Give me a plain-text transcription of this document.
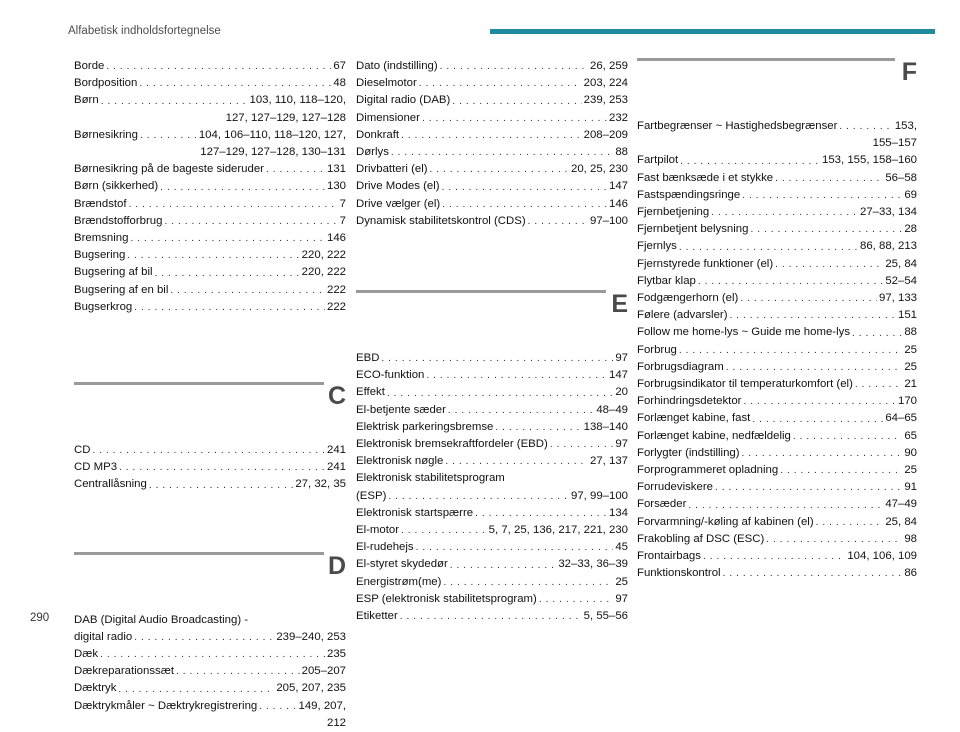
Alfabetisk indholdsfortegnelse
Borde . . .	67
Bordposition . . .	48
Børn . . .	103, 110, 118–120,
127, 127–129, 127–128
Børnesikring . . .	104, 106–110, 118–120, 127,
127–129, 127–128, 130–131
Børnesikring på de bageste sideruder . . .	131
Børn (sikkerhed) . . .	130
Brændstof . . .	7
Brændstofforbrug . . .	7
Bremsning . . .	146
Bugsering . . .	220, 222
Bugsering af bil . . .	220, 222
Bugsering af en bil . . .	222
Bugserkrog . . .	222
C
CD . . .	241
CD MP3 . . .	241
Centrallåsning . . .	27, 32, 35
D
DAB (Digital Audio Broadcasting) -
digital radio . . .	239–240, 253
Dæk . . .	235
Dækreparationssæt . . .	205–207
Dæktryk . . .	205, 207, 235
Dæktrykmåler ~ Dæktrykregistrering . . .	149, 207,
212
Dato (indstilling) . . .	26, 259
Dieselmotor . . .	203, 224
Digital radio (DAB) . . .	239, 253
Dimensioner . . .	232
Donkraft . . .	208–209
Dørlys . . .	88
Drivbatteri (el) . . .	20, 25, 230
Drive Modes (el) . . .	147
Drive vælger (el) . . .	146
Dynamisk stabilitetskontrol (CDS) . . .	97–100
E
EBD . . .	97
ECO-funktion . . .	147
Effekt . . .	20
El-betjente sæder . . .	48–49
Elektrisk parkeringsbremse . . .	138–140
Elektronisk bremsekraftfordeler (EBD) . . .	97
Elektronisk nøgle . . .	27, 137
Elektronisk stabilitetsprogram
(ESP) . . .	97, 99–100
Elektronisk startspærre . . .	134
El-motor . . .	5, 7, 25, 136, 217, 221, 230
El-rudehejs . . .	45
El-styret skydedør . . .	32–33, 36–39
Energistrøm(me) . . .	25
ESP (elektronisk stabilitetsprogram) . . .	97
Etiketter . . .	5, 55–56
F
Fartbegrænser ~ Hastighedsbegrænser . . .	153,
155–157
Fartpilot . . .	153, 155, 158–160
Fast bænksæde i et stykke . . .	56–58
Fastspændingsringe . . .	69
Fjernbetjening . . .	27–33, 134
Fjernbetjent belysning . . .	28
Fjernlys . . .	86, 88, 213
Fjernstyrede funktioner (el) . . .	25, 84
Flytbar klap . . .	52–54
Fodgængerhorn (el) . . .	97, 133
Følere (advarsler) . . .	151
Follow me home-lys ~ Guide me home-lys . . .	88
Forbrug . . .	25
Forbrugsdiagram . . .	25
Forbrugsindikator til temperaturkomfort (el) . . .	21
Forhindringsdetektor . . .	170
Forlænget kabine, fast . . .	64–65
Forlænget kabine, nedfældelig . . .	65
Forlygter (indstilling) . . .	90
Forprogrammeret opladning . . .	25
Forrudeviskere . . .	91
Forsæder . . .	47–49
Forvarmning/-køling af kabinen (el) . . .	25, 84
Frakobling af DSC (ESC) . . .	98
Frontairbags . . .	104, 106, 109
Funktionskontrol . . .	86
290
